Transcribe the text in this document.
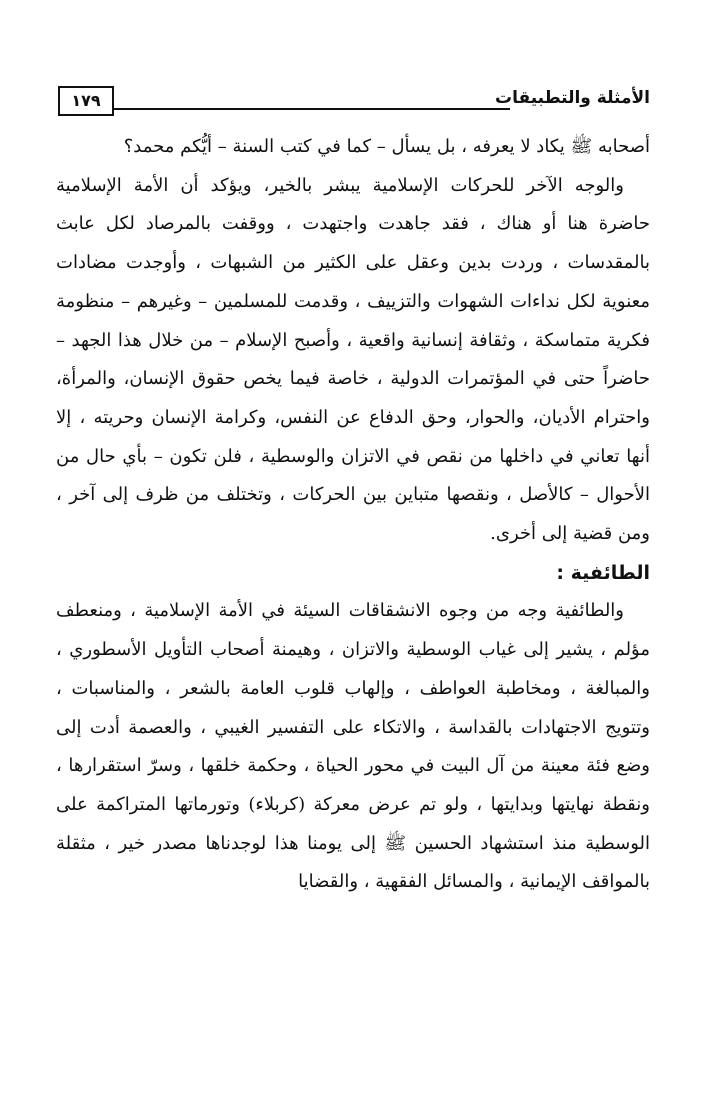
الأمثلة والتطبيقات
١٧٩

أصحابه ﷺ يكاد لا يعرفه ، بل يسأل – كما في كتب السنة – أيُّكم محمد؟

والوجه الآخر للحركات الإسلامية يبشر بالخير، ويؤكد أن الأمة الإسلامية حاضرة هنا أو هناك ، فقد جاهدت واجتهدت ، ووقفت بالمرصاد لكل عابث بالمقدسات ، وردت بدين وعقل على الكثير من الشبهات ، وأوجدت مضادات معنوية لكل نداءات الشهوات والتزييف ، وقدمت للمسلمين – وغيرهم – منظومة فكرية متماسكة ، وثقافة إنسانية واقعية ، وأصبح الإسلام – من خلال هذا الجهد – حاضراً حتى في المؤتمرات الدولية ، خاصة فيما يخص حقوق الإنسان، والمرأة، واحترام الأديان، والحوار، وحق الدفاع عن النفس، وكرامة الإنسان وحريته ، إلا أنها تعاني في داخلها من نقص في الاتزان والوسطية ، فلن تكون – بأي حال من الأحوال – كالأصل ، ونقصها متباين بين الحركات ، وتختلف من ظرف إلى آخر ، ومن قضية إلى أخرى.

الطائفية :

والطائفية وجه من وجوه الانشقاقات السيئة في الأمة الإسلامية ، ومنعطف مؤلم ، يشير إلى غياب الوسطية والاتزان ، وهيمنة أصحاب التأويل الأسطوري ، والمبالغة ، ومخاطبة العواطف ، وإلهاب قلوب العامة بالشعر ، والمناسبات ، وتتويج الاجتهادات بالقداسة ، والاتكاء على التفسير الغيبي ، والعصمة أدت إلى وضع فئة معينة من آل البيت في محور الحياة ، وحكمة خلقها ، وسرّ استقرارها ، ونقطة نهايتها وبدايتها ، ولو تم عرض معركة (كربلاء) وتورماتها المتراكمة على الوسطية منذ استشهاد الحسين ﷺ إلى يومنا هذا لوجدناها مصدر خير ، مثقلة بالمواقف الإيمانية ، والمسائل الفقهية ، والقضايا
